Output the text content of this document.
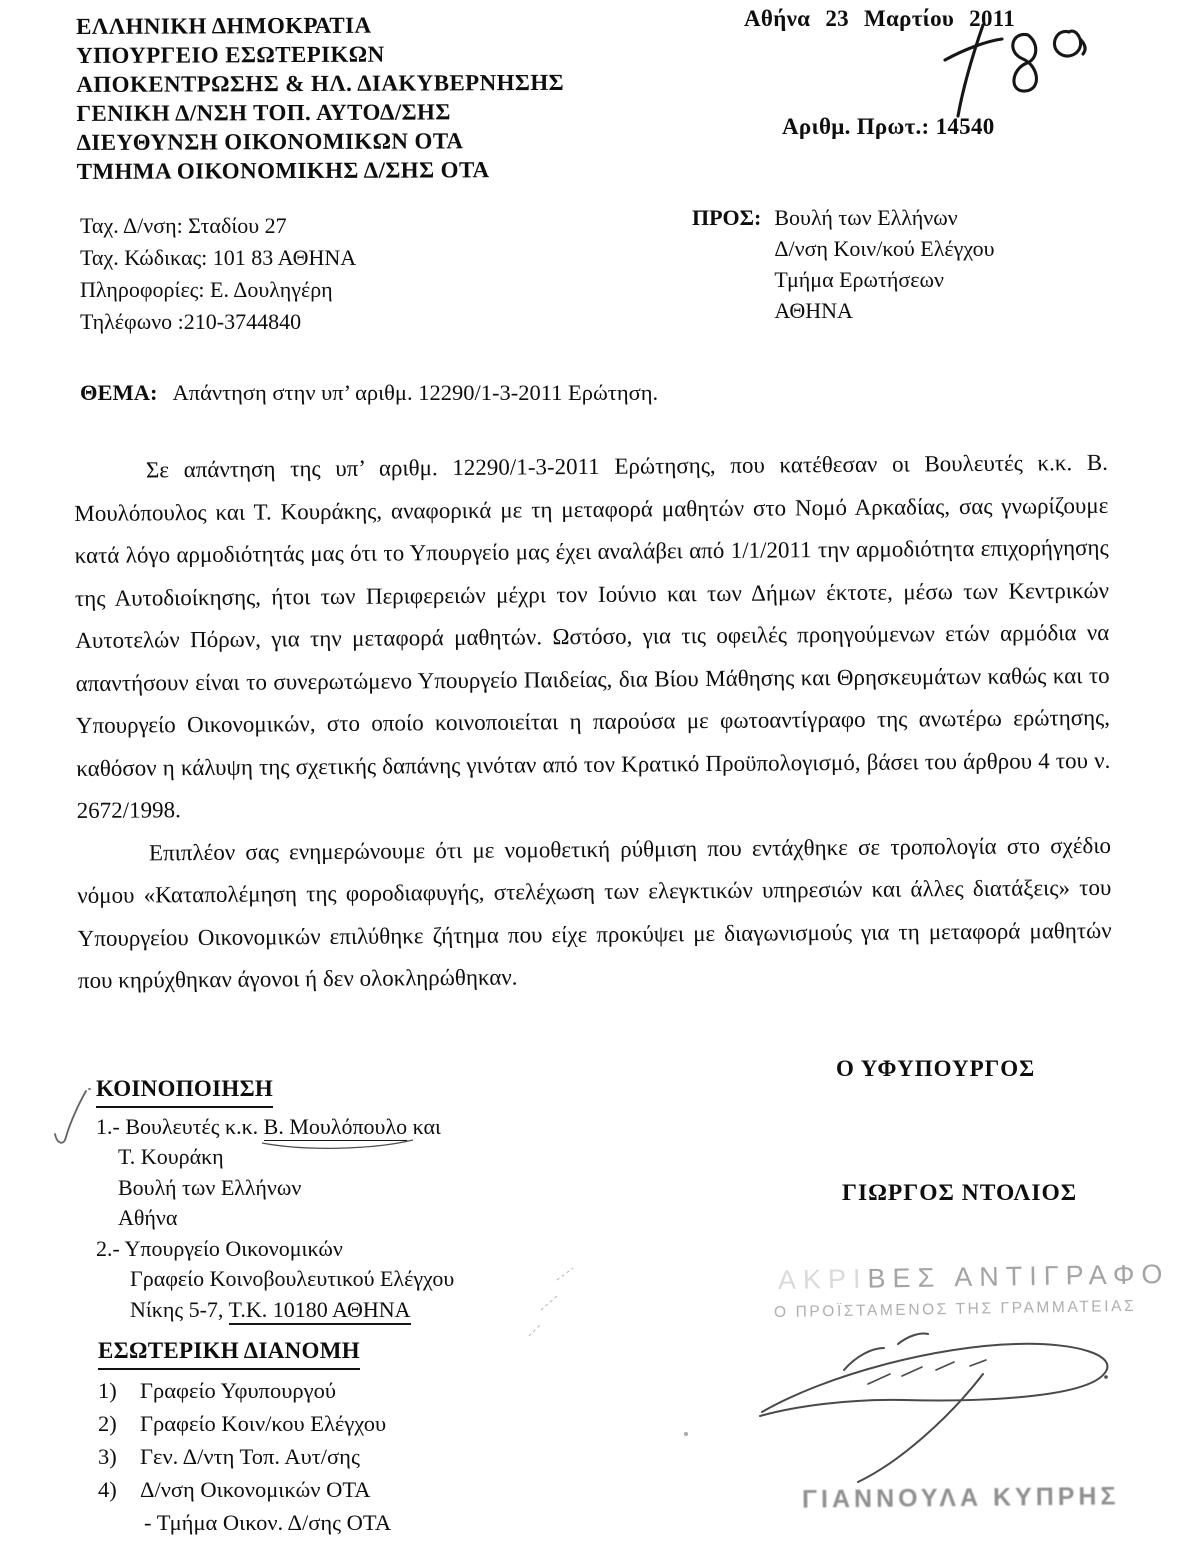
ΕΛΛΗΝΙΚΗ ΔΗΜΟΚΡΑΤΙΑ
ΥΠΟΥΡΓΕΙΟ ΕΣΩΤΕΡΙΚΩΝ
ΑΠΟΚΕΝΤΡΩΣΗΣ & ΗΛ. ΔΙΑΚΥΒΕΡΝΗΣΗΣ
ΓΕΝΙΚΗ Δ/ΝΣΗ ΤΟΠ. ΑΥΤΟΔ/ΣΗΣ
ΔΙΕΥΘΥΝΣΗ ΟΙΚΟΝΟΜΙΚΩΝ ΟΤΑ
ΤΜΗΜΑ ΟΙΚΟΝΟΜΙΚΗΣ Δ/ΣΗΣ ΟΤΑ
Αθήνα 23 Μαρτίου 2011
Αριθμ. Πρωτ.: 14540
Ταχ. Δ/νση: Σταδίου 27
Ταχ. Κώδικας: 101 83 ΑΘΗΝΑ
Πληροφορίες: Ε. Δουληγέρη
Τηλέφωνο :210-3744840
ΠΡΟΣ: Βουλή των Ελλήνων
Δ/νση Κοιν/κού Ελέγχου
Τμήμα Ερωτήσεων
ΑΘΗΝΑ
ΘΕΜΑ: Απάντηση στην υπ’ αριθμ. 12290/1-3-2011 Ερώτηση.

Σε απάντηση της υπ’ αριθμ. 12290/1-3-2011 Ερώτησης, που κατέθεσαν οι Βουλευτές κ.κ. Β. Μουλόπουλος και Τ. Κουράκης, αναφορικά με τη μεταφορά μαθητών στο Νομό Αρκαδίας, σας γνωρίζουμε κατά λόγο αρμοδιότητάς μας ότι το Υπουργείο μας έχει αναλάβει από 1/1/2011 την αρμοδιότητα επιχορήγησης της Αυτοδιοίκησης, ήτοι των Περιφερειών μέχρι τον Ιούνιο και των Δήμων έκτοτε, μέσω των Κεντρικών Αυτοτελών Πόρων, για την μεταφορά μαθητών. Ωστόσο, για τις οφειλές προηγούμενων ετών αρμόδια να απαντήσουν είναι το συνερωτώμενο Υπουργείο Παιδείας, δια Βίου Μάθησης και Θρησκευμάτων καθώς και το Υπουργείο Οικονομικών, στο οποίο κοινοποιείται η παρούσα με φωτοαντίγραφο της ανωτέρω ερώτησης, καθόσον η κάλυψη της σχετικής δαπάνης γινόταν από τον Κρατικό Προϋπολογισμό, βάσει του άρθρου 4 του ν. 2672/1998.

Επιπλέον σας ενημερώνουμε ότι με νομοθετική ρύθμιση που εντάχθηκε σε τροπολογία στο σχέδιο νόμου «Καταπολέμηση της φοροδιαφυγής, στελέχωση των ελεγκτικών υπηρεσιών και άλλες διατάξεις» του Υπουργείου Οικονομικών επιλύθηκε ζήτημα που είχε προκύψει με διαγωνισμούς για τη μεταφορά μαθητών που κηρύχθηκαν άγονοι ή δεν ολοκληρώθηκαν.

Ο ΥΦΥΠΟΥΡΓΟΣ
ΓΙΩΡΓΟΣ ΝΤΟΛΙΟΣ
ΚΟΙΝΟΠΟΙΗΣΗ
1.- Βουλευτές κ.κ. Β. Μουλόπουλο
και
Τ. Κουράκη
Βουλή των Ελλήνων
Αθήνα
2.- Υπουργείο Οικονομικών
Γραφείο Κοινοβουλευτικού Ελέγχου
Νίκης 5-7, Τ.Κ. 10180 ΑΘΗΝΑ
ΕΣΩΤΕΡΙΚΗ ΔΙΑΝΟΜΗ
1) Γραφείο Υφυπουργού
2) Γραφείο Κοιν/κου Ελέγχου
3) Γεν. Δ/ντη Τοπ. Αυτ/σης
4) Δ/νση Οικονομικών ΟΤΑ
- Τμήμα Οικον. Δ/σης ΟΤΑ
ΑΚΡΙΒΕΣ ΑΝΤΙΓΡΑΦΟ
Ο ΠΡΟΪΣΤΑΜΕΝΟΣ ΤΗΣ ΓΡΑΜΜΑΤΕΙΑΣ
ΓΙΑΝΝΟΥΛΑ ΚΥΠΡΗΣ
